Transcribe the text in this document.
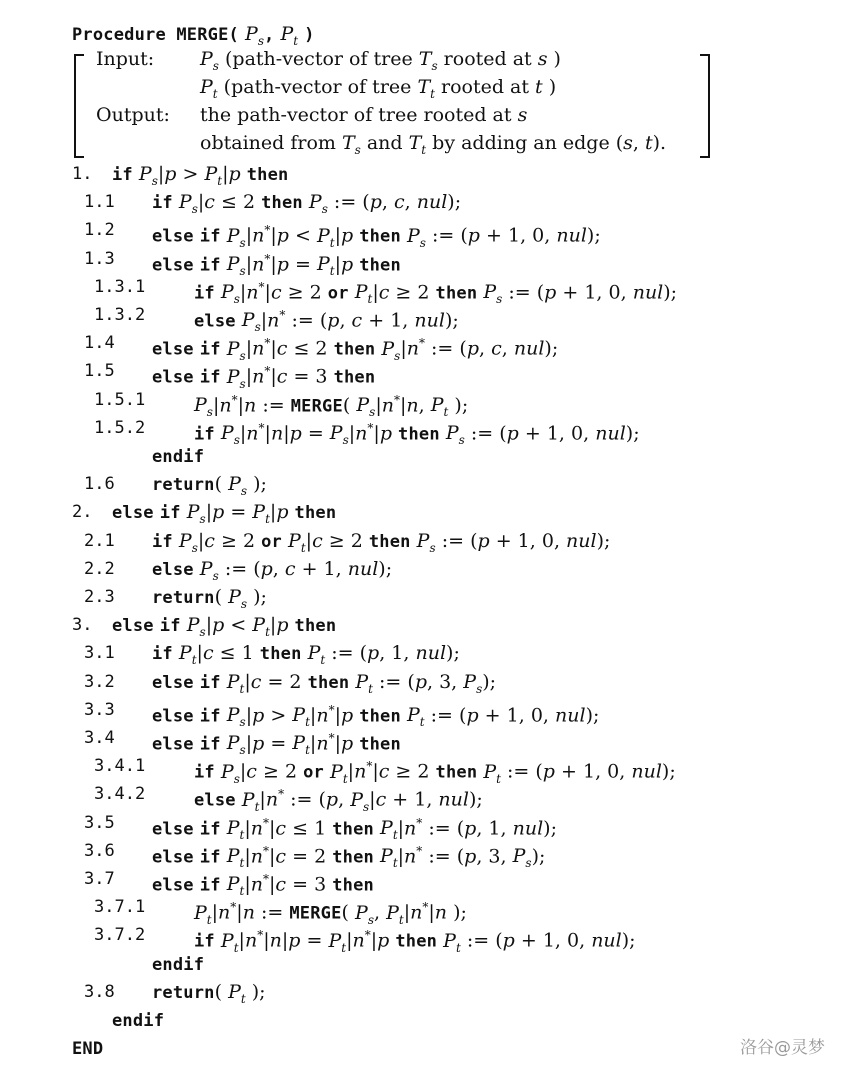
Procedure MERGE( $P_s$, $P_t$ )
Input: $P_s$ (path-vector of tree $T_s$ rooted at s )
$P_t$ (path-vector of tree $T_t$ rooted at t )
Output: the path-vector of tree rooted at s
obtained from $T_s$ and $T_t$ by adding an edge (s, t).
1. if $P_s|p > P_t|p$ then
1.1 if $P_s|c \le 2$ then $P_s$ := (p, c, nul);
1.2 else if $P_s|n^*|p < P_t|p$ then $P_s$ := (p + 1, 0, nul);
1.3 else if $P_s|n^*|p = P_t|p$ then
1.3.1	if $P_s|n^*|c \ge 2$ or $P_t|c \ge 2$ then $P_s$ := (p + 1, 0, nul);
1.3.2	else $P_s|n^*$ := (p, c + 1, nul);
1.4 else if $P_s|n^*|c \le 2$ then $P_s|n^*$ := (p, c, nul);
1.5 else if $P_s|n^*|c = 3$ then
1.5.1	$P_s|n^*|n$ := MERGE( $P_s|n^*|n$, $P_t$ );
1.5.2	if $P_s|n^*|n|p = P_s|n^*|p$ then $P_s$ := (p + 1, 0, nul);
endif
1.6 return( $P_s$ );
2. else if $P_s|p = P_t|p$ then
2.1 if $P_s|c \ge 2$ or $P_t|c \ge 2$ then $P_s$ := (p + 1, 0, nul);
2.2 else $P_s$ := (p, c + 1, nul);
2.3 return( $P_s$ );
3. else if $P_s|p < P_t|p$ then
3.1 if $P_t|c \le 1$ then $P_t$ := (p, 1, nul);
3.2 else if $P_t|c = 2$ then $P_t$ := (p, 3, $P_s$);
3.3 else if $P_s|p > P_t|n^*|p$ then $P_t$ := (p + 1, 0, nul);
3.4 else if $P_s|p = P_t|n^*|p$ then
3.4.1	if $P_s|c \ge 2$ or $P_t|n^*|c \ge 2$ then $P_t$ := (p + 1, 0, nul);
3.4.2	else $P_t|n^*$ := (p, $P_s|c + 1$, nul);
3.5 else if $P_t|n^*|c \le 1$ then $P_t|n^*$ := (p, 1, nul);
3.6 else if $P_t|n^*|c = 2$ then $P_t|n^*$ := (p, 3, $P_s$);
3.7 else if $P_t|n^*|c = 3$ then
3.7.1	$P_t|n^*|n$ := MERGE( $P_s$, $P_t|n^*|n$ );
3.7.2	if $P_t|n^*|n|p = P_t|n^*|p$ then $P_t$ := (p + 1, 0, nul);
endif
3.8 return( $P_t$ );
endif
END	洛谷@灵梦
